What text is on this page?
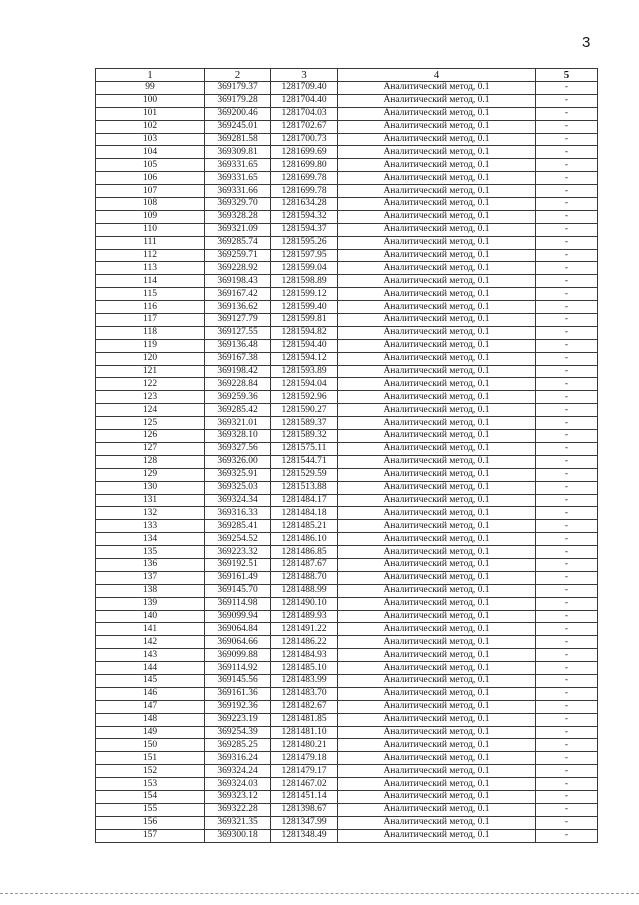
3
1	2	3	4	5
99	369179.37	1281709.40	Аналитический метод, 0.1	-
100	369179.28	1281704.40	Аналитический метод, 0.1	-
101	369200.46	1281704.03	Аналитический метод, 0.1	-
102	369245.01	1281702.67	Аналитический метод, 0.1	-
103	369281.58	1281700.73	Аналитический метод, 0.1	-
104	369309.81	1281699.69	Аналитический метод, 0.1	-
105	369331.65	1281699.80	Аналитический метод, 0.1	-
106	369331.65	1281699.78	Аналитический метод, 0.1	-
107	369331.66	1281699.78	Аналитический метод, 0.1	-
108	369329.70	1281634.28	Аналитический метод, 0.1	-
109	369328.28	1281594.32	Аналитический метод, 0.1	-
110	369321.09	1281594.37	Аналитический метод, 0.1	-
111	369285.74	1281595.26	Аналитический метод, 0.1	-
112	369259.71	1281597.95	Аналитический метод, 0.1	-
113	369228.92	1281599.04	Аналитический метод, 0.1	-
114	369198.43	1281598.89	Аналитический метод, 0.1	-
115	369167.42	1281599.12	Аналитический метод, 0.1	-
116	369136.62	1281599.40	Аналитический метод, 0.1	-
117	369127.79	1281599.81	Аналитический метод, 0.1	-
118	369127.55	1281594.82	Аналитический метод, 0.1	-
119	369136.48	1281594.40	Аналитический метод, 0.1	-
120	369167.38	1281594.12	Аналитический метод, 0.1	-
121	369198.42	1281593.89	Аналитический метод, 0.1	-
122	369228.84	1281594.04	Аналитический метод, 0.1	-
123	369259.36	1281592.96	Аналитический метод, 0.1	-
124	369285.42	1281590.27	Аналитический метод, 0.1	-
125	369321.01	1281589.37	Аналитический метод, 0.1	-
126	369328.10	1281589.32	Аналитический метод, 0.1	-
127	369327.56	1281575.11	Аналитический метод, 0.1	-
128	369326.00	1281544.71	Аналитический метод, 0.1	-
129	369325.91	1281529.59	Аналитический метод, 0.1	-
130	369325.03	1281513.88	Аналитический метод, 0.1	-
131	369324.34	1281484.17	Аналитический метод, 0.1	-
132	369316.33	1281484.18	Аналитический метод, 0.1	-
133	369285.41	1281485.21	Аналитический метод, 0.1	-
134	369254.52	1281486.10	Аналитический метод, 0.1	-
135	369223.32	1281486.85	Аналитический метод, 0.1	-
136	369192.51	1281487.67	Аналитический метод, 0.1	-
137	369161.49	1281488.70	Аналитический метод, 0.1	-
138	369145.70	1281488.99	Аналитический метод, 0.1	-
139	369114.98	1281490.10	Аналитический метод, 0.1	-
140	369099.94	1281489.93	Аналитический метод, 0.1	-
141	369064.84	1281491.22	Аналитический метод, 0.1	-
142	369064.66	1281486.22	Аналитический метод, 0.1	-
143	369099.88	1281484.93	Аналитический метод, 0.1	-
144	369114.92	1281485.10	Аналитический метод, 0.1	-
145	369145.56	1281483.99	Аналитический метод, 0.1	-
146	369161.36	1281483.70	Аналитический метод, 0.1	-
147	369192.36	1281482.67	Аналитический метод, 0.1	-
148	369223.19	1281481.85	Аналитический метод, 0.1	-
149	369254.39	1281481.10	Аналитический метод, 0.1	-
150	369285.25	1281480.21	Аналитический метод, 0.1	-
151	369316.24	1281479.18	Аналитический метод, 0.1	-
152	369324.24	1281479.17	Аналитический метод, 0.1	-
153	369324.03	1281467.02	Аналитический метод, 0.1	-
154	369323.12	1281451.14	Аналитический метод, 0.1	-
155	369322.28	1281398.67	Аналитический метод, 0.1	-
156	369321.35	1281347.99	Аналитический метод, 0.1	-
157	369300.18	1281348.49	Аналитический метод, 0.1	-
